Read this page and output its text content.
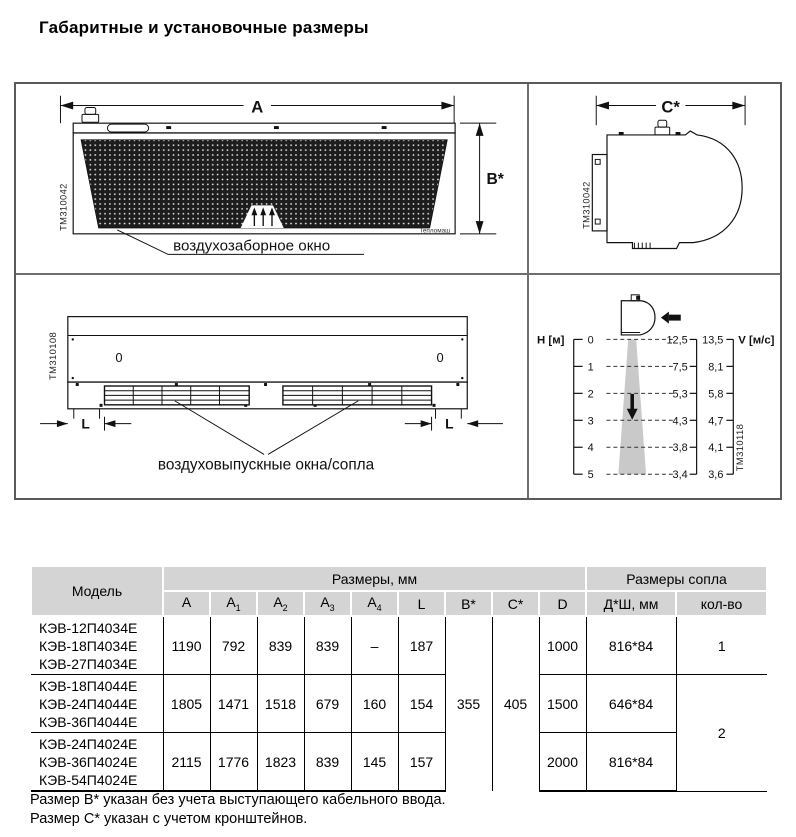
Габаритные и установочные размеры
A
Тепломаш
B*
TM310042
воздухозаборное окно
C*
TM310042
TM310108	0	0
L	L
воздуховыпускные окна/сопла
H [м] 0
1
2
3
4
5
12,5
7,5
5,3
4,3
3,8
3,4
13,5
8,1
5,8
4,7
4,1
3,6
V [м/с]
TM310118
Модель	Размеры, мм									Размеры сопла	
	А	$А_1$	$А_2$	$А_3$	$А_4$	L	B*	C*	D	Д*Ш, мм	кол-во

КЭВ-12П4034Е
КЭВ-18П4034Е
КЭВ-27П4034Е	1190	792	839	839	–	187	355	405	1000	816*84	1

КЭВ-18П4044Е
КЭВ-24П4044Е
КЭВ-36П4044Е	1805	1471	1518	679	160	154			1500	646*84	2

КЭВ-24П4024Е
КЭВ-36П4024Е
КЭВ-54П4024Е	2115	1776	1823	839	145	157			2000	816*84	
Размер B* указан без учета выступающего кабельного ввода.
Размер C* указан с учетом кронштейнов.
